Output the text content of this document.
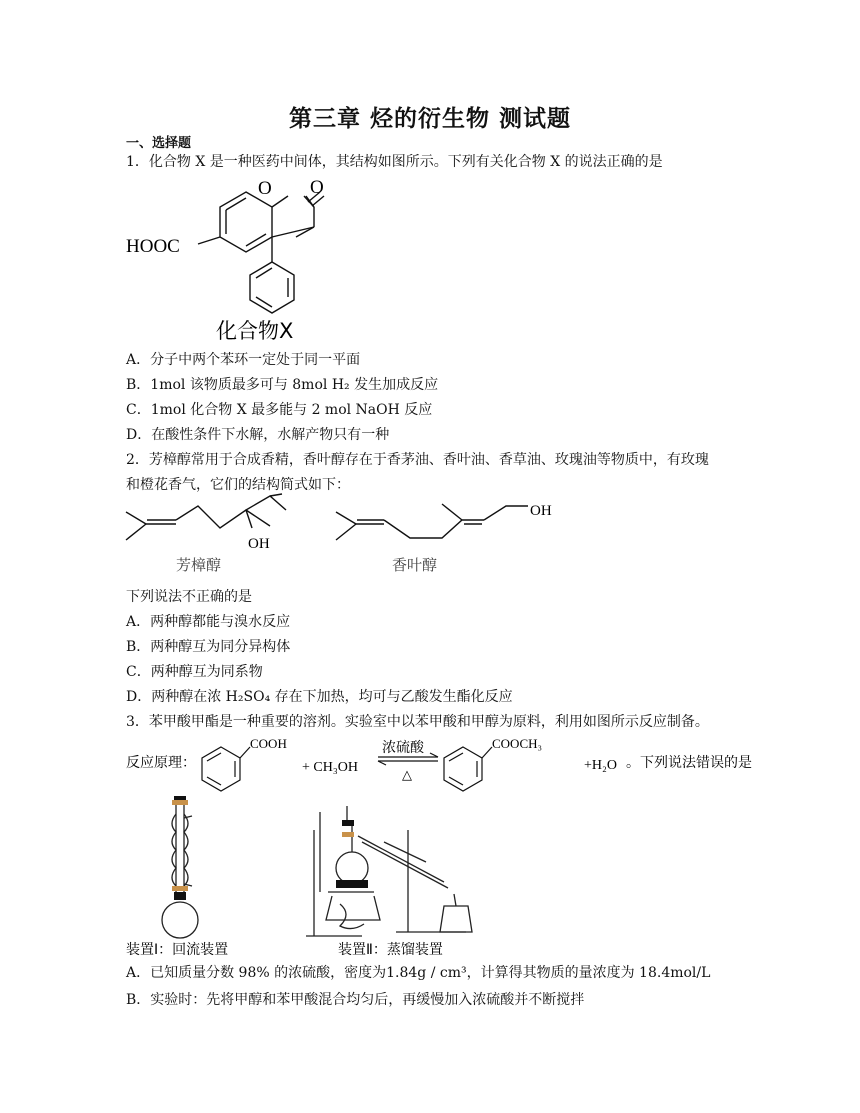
第三章 烃的衍生物 测试题
一、选择题
1．化合物 X 是一种医药中间体，其结构如图所示。下列有关化合物 X 的说法正确的是
O O
HOOC
化合物X
A．分子中两个苯环一定处于同一平面
B．1mol 该物质最多可与 8mol H₂ 发生加成反应
C．1mol 化合物 X 最多能与 2 mol NaOH 反应
D．在酸性条件下水解，水解产物只有一种
2．芳樟醇常用于合成香精，香叶醇存在于香茅油、香叶油、香草油、玫瑰油等物质中，有玫瑰
和橙花香气，它们的结构简式如下：
OH
芳樟醇
OH
香叶醇
下列说法不正确的是
A．两种醇都能与溴水反应
B．两种醇互为同分异构体
C．两种醇互为同系物
D．两种醇在浓 H₂SO₄ 存在下加热，均可与乙酸发生酯化反应
3．苯甲酸甲酯是一种重要的溶剂。实验室中以苯甲酸和甲醇为原料，利用如图所示反应制备。
反应原理：
COOH
+ CH₃OH
浓硫酸
△
COOCH₃
+H₂O 。下列说法错误的是
装置Ⅰ：回流装置	装置Ⅱ：蒸馏装置
A．已知质量分数 98% 的浓硫酸，密度为1.84g / cm³，计算得其物质的量浓度为 18.4mol/L
B．实验时：先将甲醇和苯甲酸混合均匀后，再缓慢加入浓硫酸并不断搅拌
